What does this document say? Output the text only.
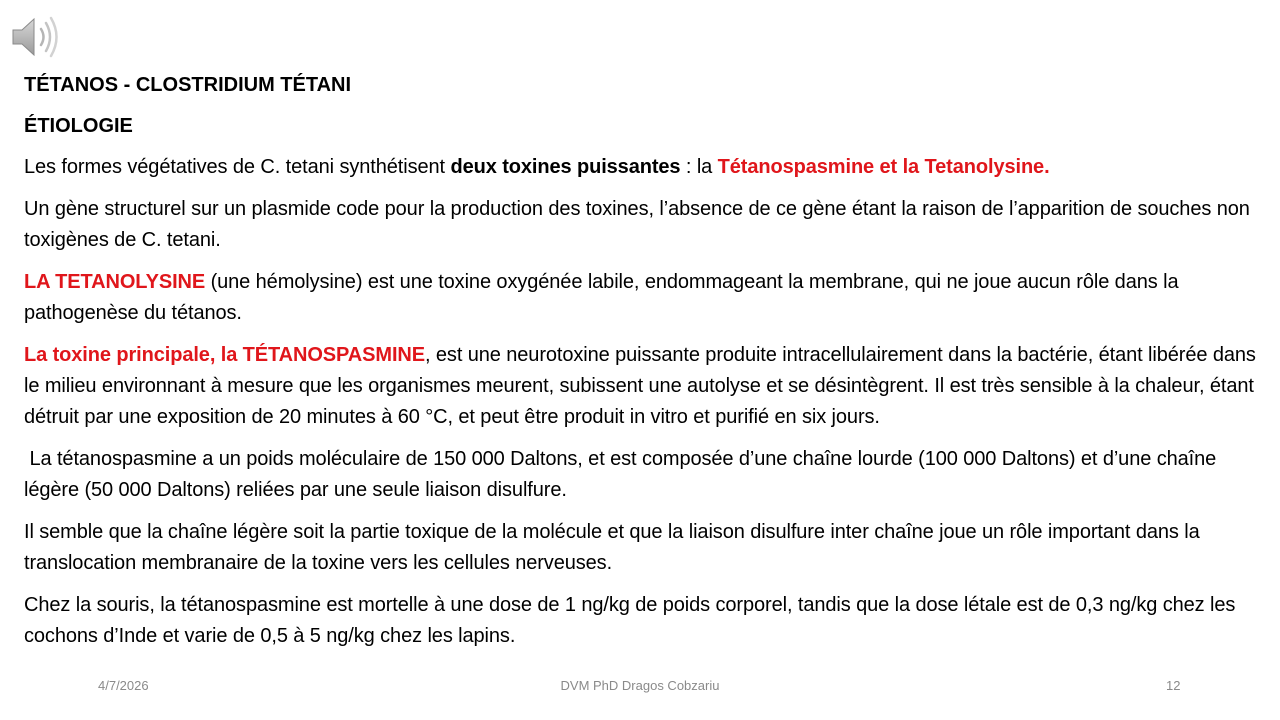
TÉTANOS - CLOSTRIDIUM TÉTANI
ÉTIOLOGIE
Les formes végétatives de C. tetani synthétisent deux toxines puissantes : la Tétanospasmine et la Tetanolysine.
Un gène structurel sur un plasmide code pour la production des toxines, l’absence de ce gène étant la raison de l’apparition de souches non toxigènes de C. tetani.
LA TETANOLYSINE (une hémolysine) est une toxine oxygénée labile, endommageant la membrane, qui ne joue aucun rôle dans la pathogenèse du tétanos.
La toxine principale, la TÉTANOSPASMINE, est une neurotoxine puissante produite intracellulairement dans la bactérie, étant libérée dans le milieu environnant à mesure que les organismes meurent, subissent une autolyse et se désintègrent. Il est très sensible à la chaleur, étant détruit par une exposition de 20 minutes à 60 °C, et peut être produit in vitro et purifié en six jours.
La tétanospasmine a un poids moléculaire de 150 000 Daltons, et est composée d’une chaîne lourde (100 000 Daltons) et d’une chaîne légère (50 000 Daltons) reliées par une seule liaison disulfure.
Il semble que la chaîne légère soit la partie toxique de la molécule et que la liaison disulfure inter chaîne joue un rôle important dans la translocation membranaire de la toxine vers les cellules nerveuses.
Chez la souris, la tétanospasmine est mortelle à une dose de 1 ng/kg de poids corporel, tandis que la dose létale est de 0,3 ng/kg chez les cochons d’Inde et varie de 0,5 à 5 ng/kg chez les lapins.
4/7/2026	DVM PhD Dragos Cobzariu	12
